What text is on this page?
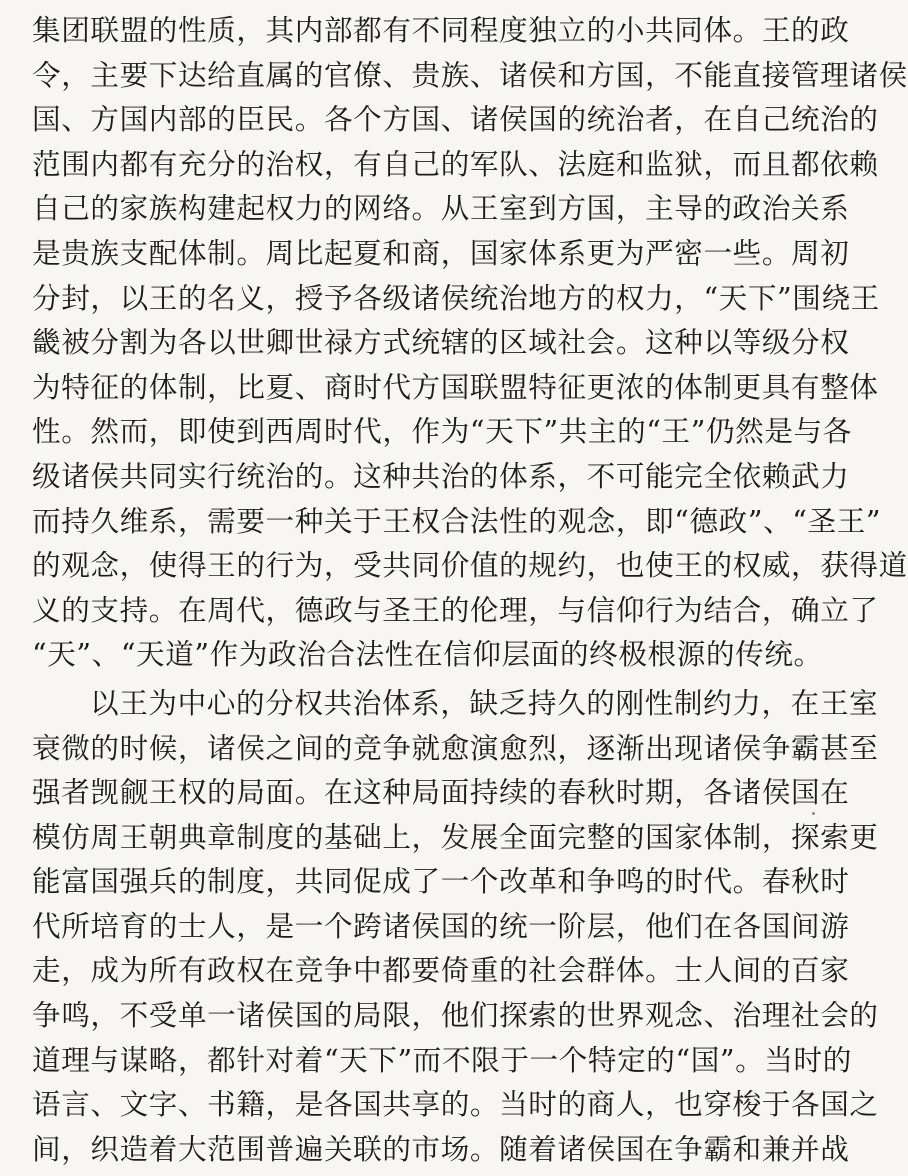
集团联盟的性质，其内部都有不同程度独立的小共同体。王的政
令，主要下达给直属的官僚、贵族、诸侯和方国，不能直接管理诸侯
国、方国内部的臣民。各个方国、诸侯国的统治者，在自己统治的
范围内都有充分的治权，有自己的军队、法庭和监狱，而且都依赖
自己的家族构建起权力的网络。从王室到方国，主导的政治关系
是贵族支配体制。周比起夏和商，国家体系更为严密一些。周初
分封，以王的名义，授予各级诸侯统治地方的权力，“天下”围绕王
畿被分割为各以世卿世禄方式统辖的区域社会。这种以等级分权
为特征的体制，比夏、商时代方国联盟特征更浓的体制更具有整体
性。然而，即使到西周时代，作为“天下”共主的“王”仍然是与各
级诸侯共同实行统治的。这种共治的体系，不可能完全依赖武力
而持久维系，需要一种关于王权合法性的观念，即“德政”、“圣王”
的观念，使得王的行为，受共同价值的规约，也使王的权威，获得道
义的支持。在周代，德政与圣王的伦理，与信仰行为结合，确立了
“天”、“天道”作为政治合法性在信仰层面的终极根源的传统。

以王为中心的分权共治体系，缺乏持久的刚性制约力，在王室
衰微的时候，诸侯之间的竞争就愈演愈烈，逐渐出现诸侯争霸甚至
强者觊觎王权的局面。在这种局面持续的春秋时期，各诸侯国在
模仿周王朝典章制度的基础上，发展全面完整的国家体制，探索更
能富国强兵的制度，共同促成了一个改革和争鸣的时代。春秋时
代所培育的士人，是一个跨诸侯国的统一阶层，他们在各国间游
走，成为所有政权在竞争中都要倚重的社会群体。士人间的百家
争鸣，不受单一诸侯国的局限，他们探索的世界观念、治理社会的
道理与谋略，都针对着“天下”而不限于一个特定的“国”。当时的
语言、文字、书籍，是各国共享的。当时的商人，也穿梭于各国之
间，织造着大范围普遍关联的市场。随着诸侯国在争霸和兼并战
